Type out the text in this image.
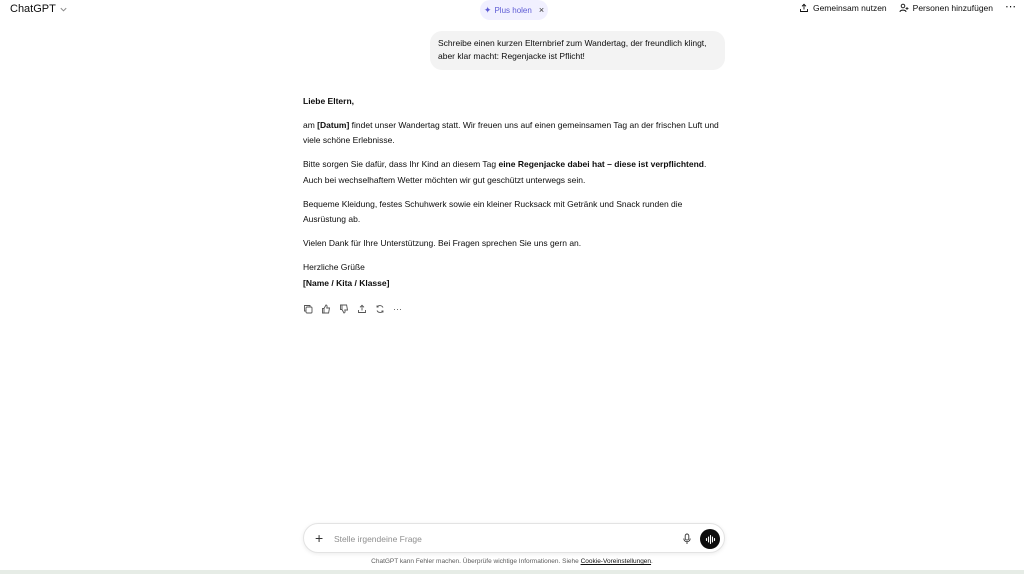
ChatGPT	✦ Plus holen ×	Gemeinsam nutzen	Personen hinzufügen ⋯
Schreibe einen kurzen Elternbrief zum Wandertag, der freundlich klingt, aber klar macht: Regenjacke ist Pflicht!

Liebe Eltern,

am [Datum] findet unser Wandertag statt. Wir freuen uns auf einen gemeinsamen Tag an der frischen Luft und viele schöne Erlebnisse.

Bitte sorgen Sie dafür, dass Ihr Kind an diesem Tag eine Regenjacke dabei hat – diese ist verpflichtend. Auch bei wechselhaftem Wetter möchten wir gut geschützt unterwegs sein.

Bequeme Kleidung, festes Schuhwerk sowie ein kleiner Rucksack mit Getränk und Snack runden die Ausrüstung ab.

Vielen Dank für Ihre Unterstützung. Bei Fragen sprechen Sie uns gern an.

Herzliche Grüße
[Name / Kita / Klasse]
···
+
Stelle irgendeine Frage
ChatGPT kann Fehler machen. Überprüfe wichtige Informationen. Siehe Cookie-Voreinstellungen.
